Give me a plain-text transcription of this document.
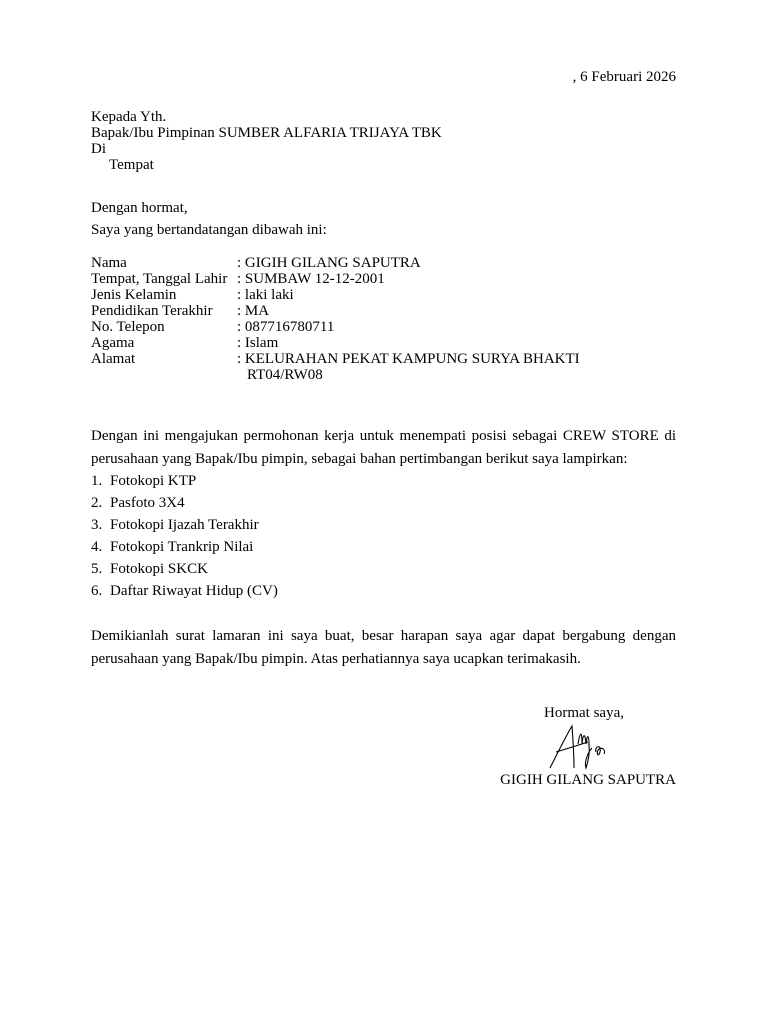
, 6 Februari 2026
Kepada Yth.
Bapak/Ibu Pimpinan SUMBER ALFARIA TRIJAYA TBK
Di
Tempat
Dengan hormat,
Saya yang bertandatangan dibawah ini:
Nama	: GIGIH GILANG SAPUTRA
Tempat, Tanggal Lahir	: SUMBAW 12-12-2001
Jenis Kelamin	: laki laki
Pendidikan Terakhir	: MA
No. Telepon	: 087716780711
Agama	: Islam
Alamat	: KELURAHAN PEKAT KAMPUNG SURYA BHAKTI
	RT04/RW08
Dengan ini mengajukan permohonan kerja untuk menempati posisi sebagai CREW STORE di
perusahaan yang Bapak/Ibu pimpin, sebagai bahan pertimbangan berikut saya lampirkan:
1. Fotokopi KTP
2. Pasfoto 3X4
3. Fotokopi Ijazah Terakhir
4. Fotokopi Trankrip Nilai
5. Fotokopi SKCK
6. Daftar Riwayat Hidup (CV)
Demikianlah surat lamaran ini saya buat, besar harapan saya agar dapat bergabung dengan
perusahaan yang Bapak/Ibu pimpin. Atas perhatiannya saya ucapkan terimakasih.
Hormat saya,
GIGIH GILANG SAPUTRA
